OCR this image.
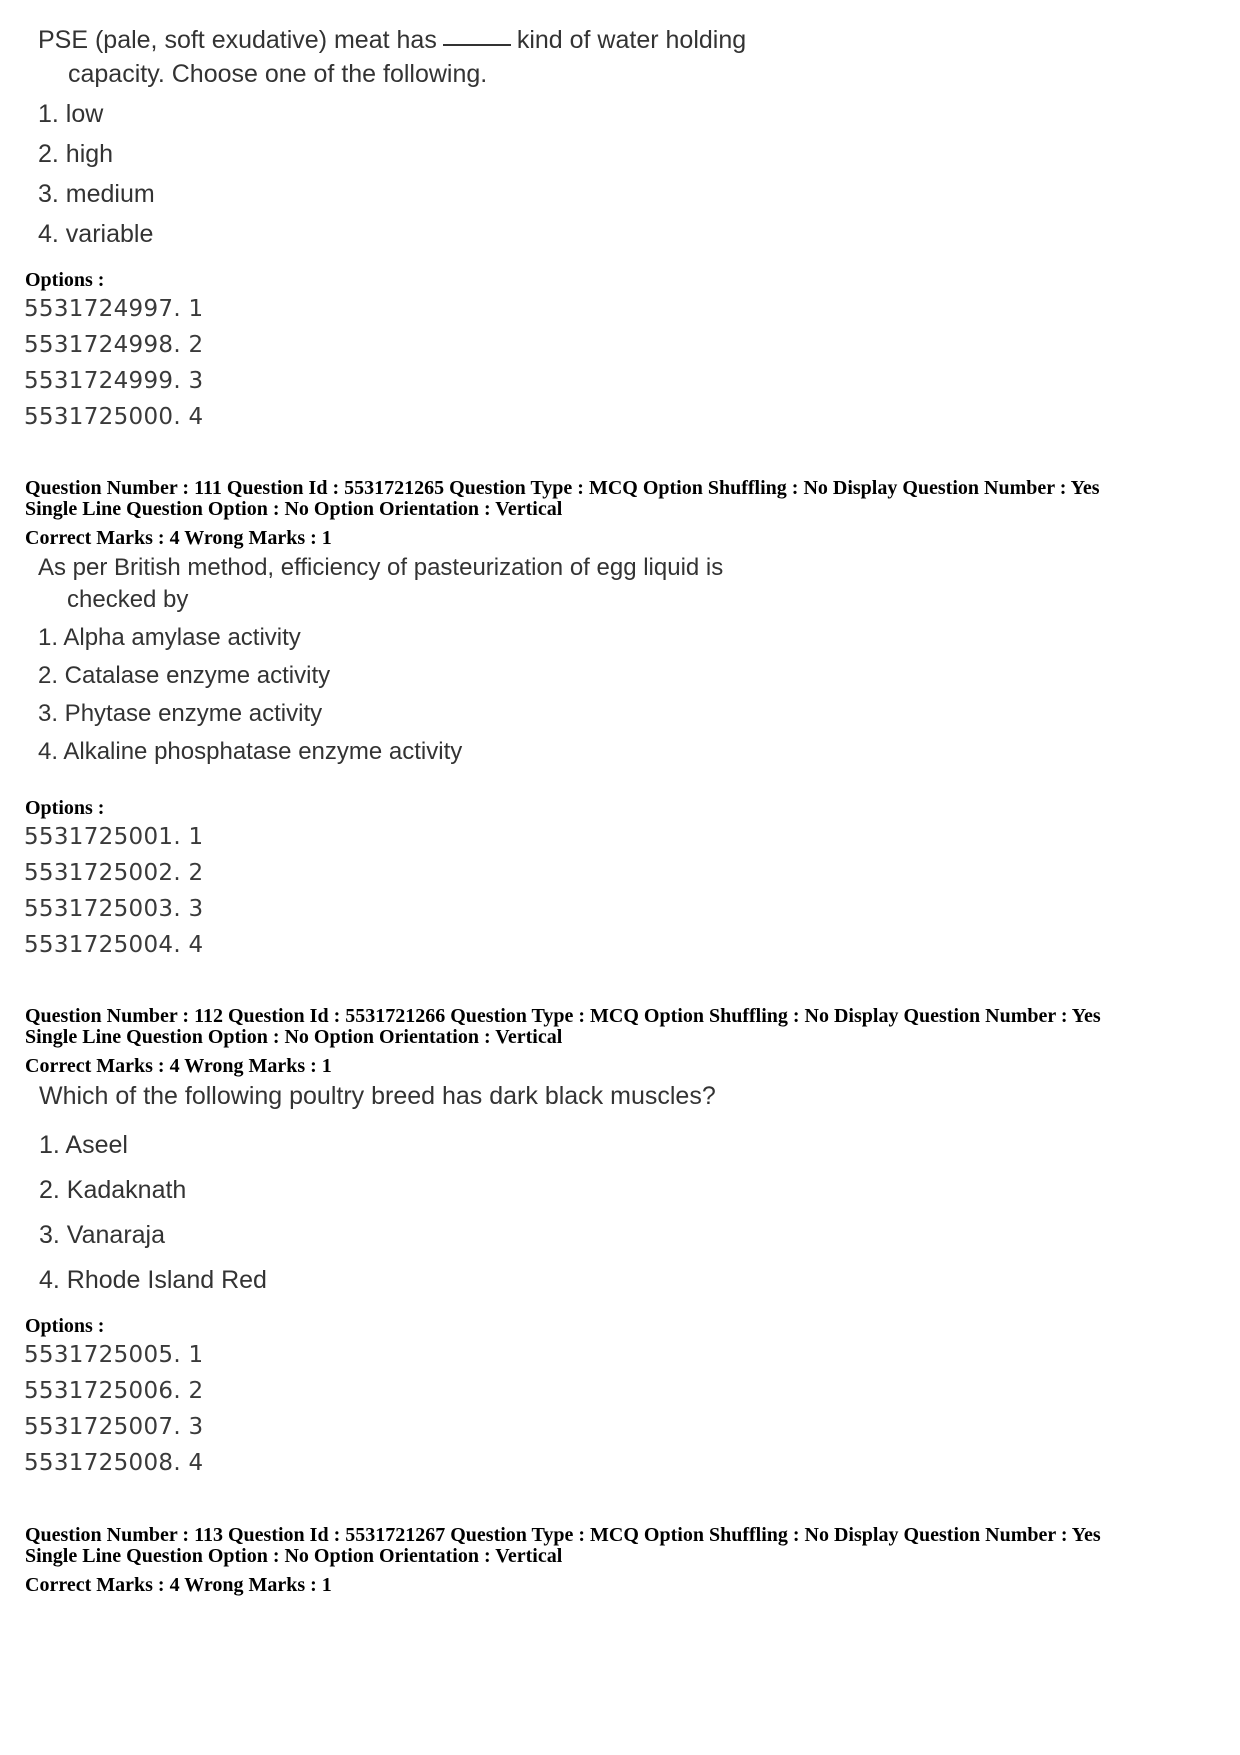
PSE (pale, soft exudative) meat has	kind of water holding
capacity. Choose one of the following.
1. low
2. high
3. medium
4. variable
Options :
5531724997. 1
5531724998. 2
5531724999. 3
5531725000. 4
Question Number : 111 Question Id : 5531721265 Question Type : MCQ Option Shuffling : No Display Question Number : Yes
Single Line Question Option : No Option Orientation : Vertical
Correct Marks : 4 Wrong Marks : 1
As per British method, efficiency of pasteurization of egg liquid is
checked by
1. Alpha amylase activity
2. Catalase enzyme activity
3. Phytase enzyme activity
4. Alkaline phosphatase enzyme activity
Options :
5531725001. 1
5531725002. 2
5531725003. 3
5531725004. 4
Question Number : 112 Question Id : 5531721266 Question Type : MCQ Option Shuffling : No Display Question Number : Yes
Single Line Question Option : No Option Orientation : Vertical
Correct Marks : 4 Wrong Marks : 1
Which of the following poultry breed has dark black muscles?
1. Aseel
2. Kadaknath
3. Vanaraja
4. Rhode Island Red
Options :
5531725005. 1
5531725006. 2
5531725007. 3
5531725008. 4
Question Number : 113 Question Id : 5531721267 Question Type : MCQ Option Shuffling : No Display Question Number : Yes
Single Line Question Option : No Option Orientation : Vertical
Correct Marks : 4 Wrong Marks : 1
